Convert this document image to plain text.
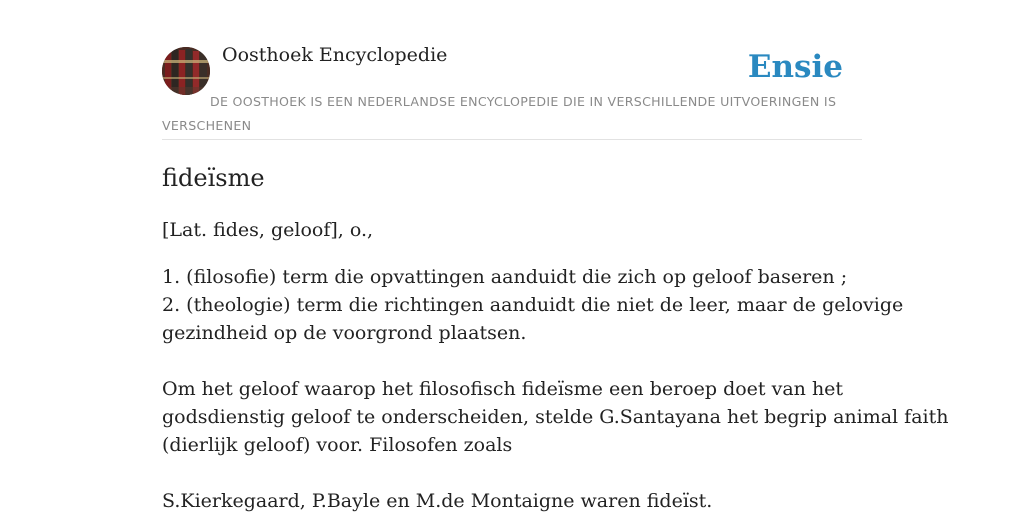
Oosthoek Encyclopedie	Ensie
DE OOSTHOEK IS EEN NEDERLANDSE ENCYCLOPEDIE DIE IN VERSCHILLENDE UITVOERINGEN IS VERSCHENEN
fideïsme
[Lat. fides, geloof], o.,
1. (filosofie) term die opvattingen aanduidt die zich op geloof baseren ;
2. (theologie) term die richtingen aanduidt die niet de leer, maar de gelovige
gezindheid op de voorgrond plaatsen.
Om het geloof waarop het filosofisch fideïsme een beroep doet van het
godsdienstig geloof te onderscheiden, stelde G.Santayana het begrip animal faith
(dierlijk geloof) voor. Filosofen zoals
S.Kierkegaard, P.Bayle en M.de Montaigne waren fideïst.
